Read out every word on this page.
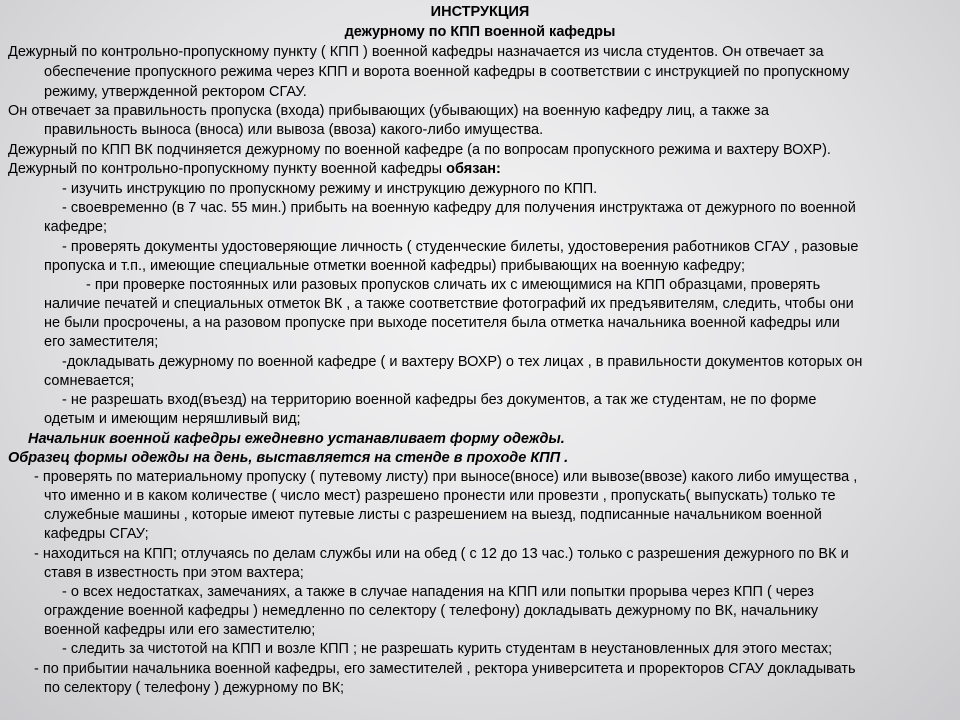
ИНСТРУКЦИЯ
дежурному по КПП военной кафедры

Дежурный по контрольно-пропускному пункту ( КПП ) военной кафедры назначается из числа студентов. Он отвечает за

обеспечение пропускного режима через КПП и ворота военной кафедры в соответствии с инструкцией по пропускному

режиму, утвержденной ректором СГАУ.

Он отвечает за правильность пропуска (входа) прибывающих (убывающих) на военную кафедру лиц, а также за

правильность выноса (вноса) или вывоза (ввоза) какого-либо имущества.

Дежурный по КПП ВК подчиняется дежурному по военной кафедре (а по вопросам пропускного режима и вахтеру ВОХР).

Дежурный по контрольно-пропускному пункту военной кафедры обязан:

- изучить инструкцию по пропускному режиму и инструкцию дежурного по КПП.

- своевременно (в 7 час. 55 мин.) прибыть на военную кафедру для получения инструктажа от дежурного по военной

кафедре;

- проверять документы удостоверяющие личность ( студенческие билеты, удостоверения работников СГАУ , разовые

пропуска и т.п., имеющие специальные отметки военной кафедры) прибывающих на военную кафедру;

- при проверке постоянных или разовых пропусков сличать их с имеющимися на КПП образцами, проверять

наличие печатей и специальных отметок ВК , а также соответствие фотографий их предъявителям, следить, чтобы они

не были просрочены, а на разовом пропуске при выходе посетителя была отметка начальника военной кафедры или

его заместителя;

-докладывать дежурному по военной кафедре ( и вахтеру ВОХР) о тех лицах , в правильности документов которых он

сомневается;

- не разрешать вход(въезд) на территорию военной кафедры без документов, а так же студентам, не по форме

одетым и имеющим неряшливый вид;

Начальник военной кафедры ежедневно устанавливает форму одежды.

Образец формы одежды на день, выставляется на стенде в проходе КПП .

- проверять по материальному пропуску ( путевому листу) при выносе(вносе) или вывозе(ввозе) какого либо имущества ,

что именно и в каком количестве ( число мест) разрешено пронести или провезти , пропускать( выпускать) только те

служебные машины , которые имеют путевые листы с разрешением на выезд, подписанные начальником военной

кафедры СГАУ;

- находиться на КПП; отлучаясь по делам службы или на обед ( с 12 до 13 час.) только с разрешения дежурного по ВК и

ставя в известность при этом вахтера;

- о всех недостатках, замечаниях, а также в случае нападения на КПП или попытки прорыва через КПП ( через

ограждение военной кафедры ) немедленно по селектору ( телефону) докладывать дежурному по ВК, начальнику

военной кафедры или его заместителю;

- следить за чистотой на КПП и возле КПП ; не разрешать курить студентам в неустановленных для этого местах;

- по прибытии начальника военной кафедры, его заместителей , ректора университета и проректоров СГАУ докладывать

по селектору ( телефону ) дежурному по ВК;
